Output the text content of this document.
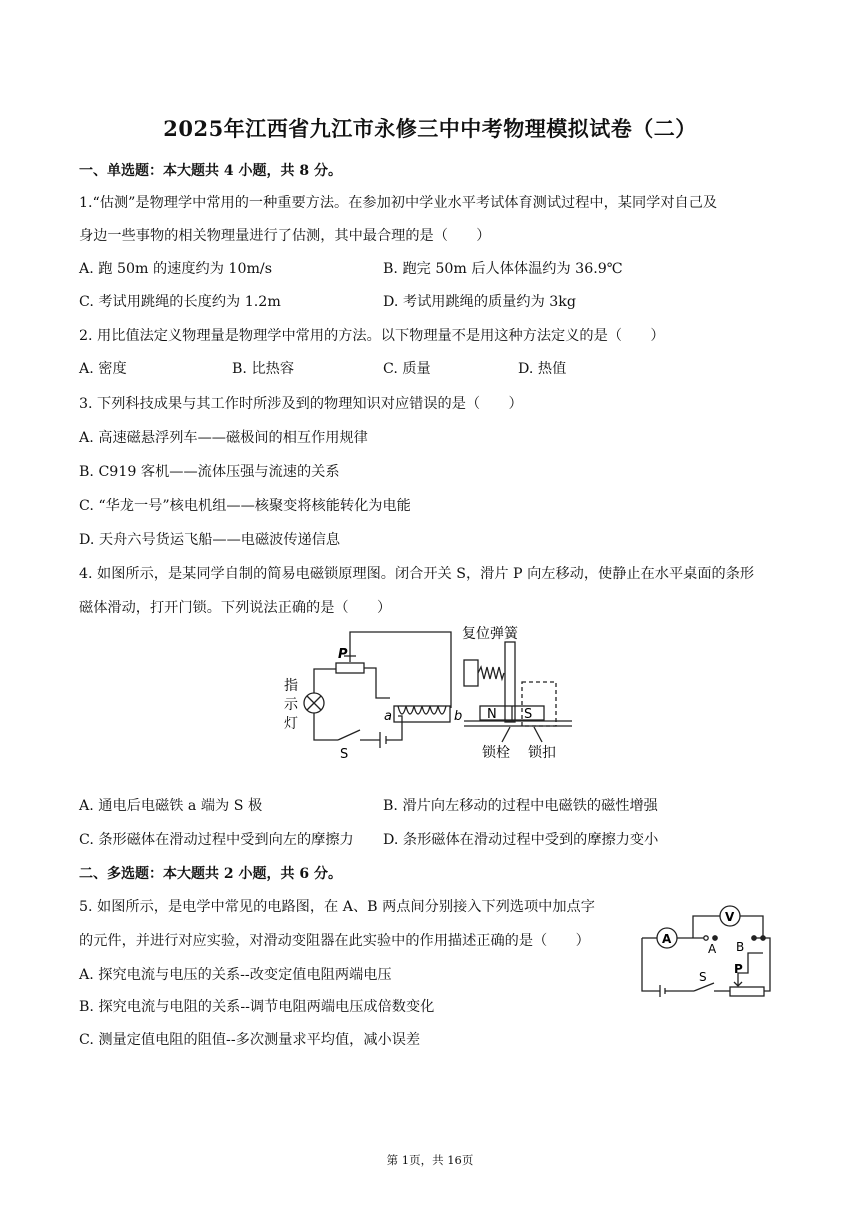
2025年江西省九江市永修三中中考物理模拟试卷（二）
一、单选题：本大题共 4 小题，共 8 分。
1.“估测”是物理学中常用的一种重要方法。在参加初中学业水平考试体育测试过程中，某同学对自己及
身边一些事物的相关物理量进行了估测，其中最合理的是（　　）
A. 跑 50m 的速度约为 10m/s	B. 跑完 50m 后人体体温约为 36.9℃
C. 考试用跳绳的长度约为 1.2m	D. 考试用跳绳的质量约为 3kg
2. 用比值法定义物理量是物理学中常用的方法。以下物理量不是用这种方法定义的是（　　）
A. 密度	B. 比热容	C. 质量	D. 热值
3. 下列科技成果与其工作时所涉及到的物理知识对应错误的是（　　）
A. 高速磁悬浮列车——磁极间的相互作用规律
B. C919 客机——流体压强与流速的关系
C. “华龙一号”核电机组——核聚变将核能转化为电能
D. 天舟六号货运飞船——电磁波传递信息
4. 如图所示，是某同学自制的简易电磁锁原理图。闭合开关 S，滑片 P 向左移动，使静止在水平桌面的条形
磁体滑动，打开门锁。下列说法正确的是（　　）
复位弹簧
指
示
灯
P
a	b
S
N S
锁栓 锁扣
A. 通电后电磁铁 a 端为 S 极	B. 滑片向左移动的过程中电磁铁的磁性增强
C. 条形磁体在滑动过程中受到向左的摩擦力 D. 条形磁体在滑动过程中受到的摩擦力变小
二、多选题：本大题共 2 小题，共 6 分。
5. 如图所示，是电学中常见的电路图，在 A、B 两点间分别接入下列选项中加点字
的元件，并进行对应实验，对滑动变阻器在此实验中的作用描述正确的是（　　）
A. 探究电流与电压的关系--改变定值电阻两端电压
B. 探究电流与电阻的关系--调节电阻两端电压成倍数变化
C. 测量定值电阻的阻值--多次测量求平均值，减小误差
V
A
A B
S
P
第 1页，共 16页
